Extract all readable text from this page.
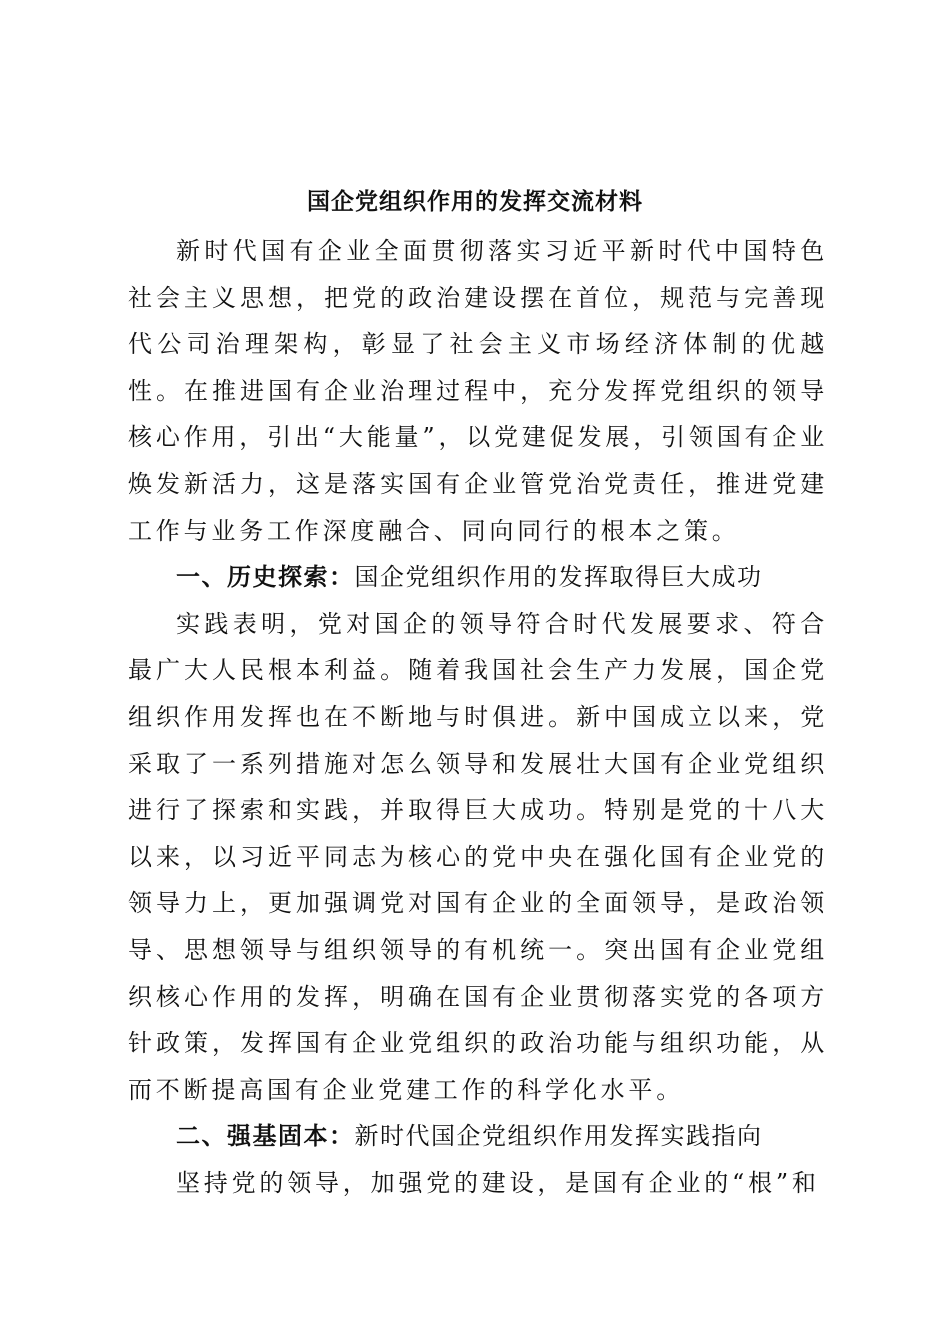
国企党组织作用的发挥交流材料

新时代国有企业全面贯彻落实习近平新时代中国特色社会主义思想，把党的政治建设摆在首位，规范与完善现代公司治理架构，彰显了社会主义市场经济体制的优越性。在推进国有企业治理过程中，充分发挥党组织的领导核心作用，引出“大能量”，以党建促发展，引领国有企业焕发新活力，这是落实国有企业管党治党责任，推进党建工作与业务工作深度融合、同向同行的根本之策。

一、历史探索：国企党组织作用的发挥取得巨大成功

实践表明，党对国企的领导符合时代发展要求、符合最广大人民根本利益。随着我国社会生产力发展，国企党组织作用发挥也在不断地与时俱进。新中国成立以来，党采取了一系列措施对怎么领导和发展壮大国有企业党组织进行了探索和实践，并取得巨大成功。特别是党的十八大以来，以习近平同志为核心的党中央在强化国有企业党的领导力上，更加强调党对国有企业的全面领导，是政治领导、思想领导与组织领导的有机统一。突出国有企业党组织核心作用的发挥，明确在国有企业贯彻落实党的各项方针政策，发挥国有企业党组织的政治功能与组织功能，从而不断提高国有企业党建工作的科学化水平。

二、强基固本：新时代国企党组织作用发挥实践指向

坚持党的领导，加强党的建设，是国有企业的“根”和
